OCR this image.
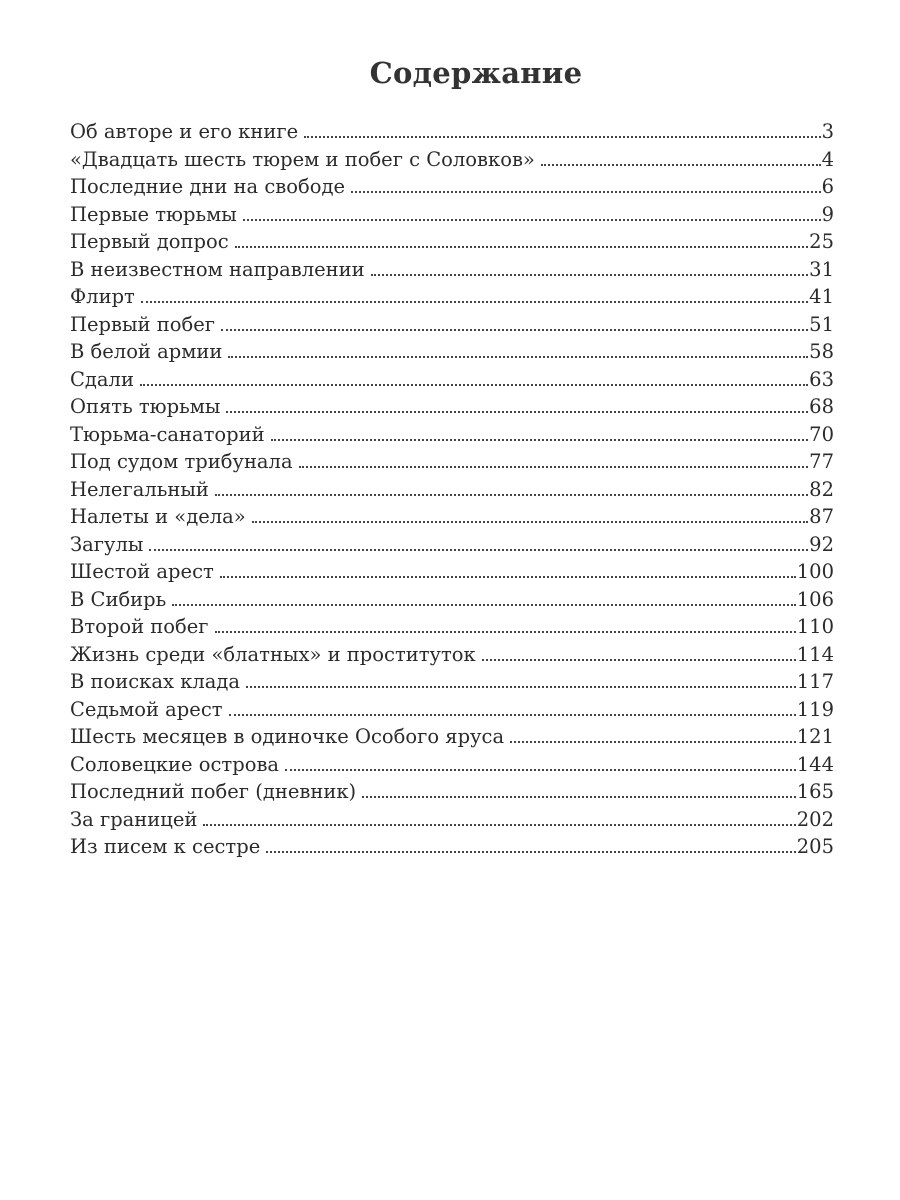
Содержание
Об авторе и его книге	3
«Двадцать шесть тюрем и побег с Соловков»	4
Последние дни на свободе	6
Первые тюрьмы	9
Первый допрос	25
В неизвестном направлении	31
Флирт	41
Первый побег	51
В белой армии	58
Сдали	63
Опять тюрьмы	68
Тюрьма-санаторий	70
Под судом трибунала	77
Нелегальный	82
Налеты и «дела»	87
Загулы	92
Шестой арест	100
В Сибирь	106
Второй побег	110
Жизнь среди «блатных» и проституток	114
В поисках клада	117
Седьмой арест	119
Шесть месяцев в одиночке Особого яруса	121
Соловецкие острова	144
Последний побег (дневник)	165
За границей	202
Из писем к сестре	205
